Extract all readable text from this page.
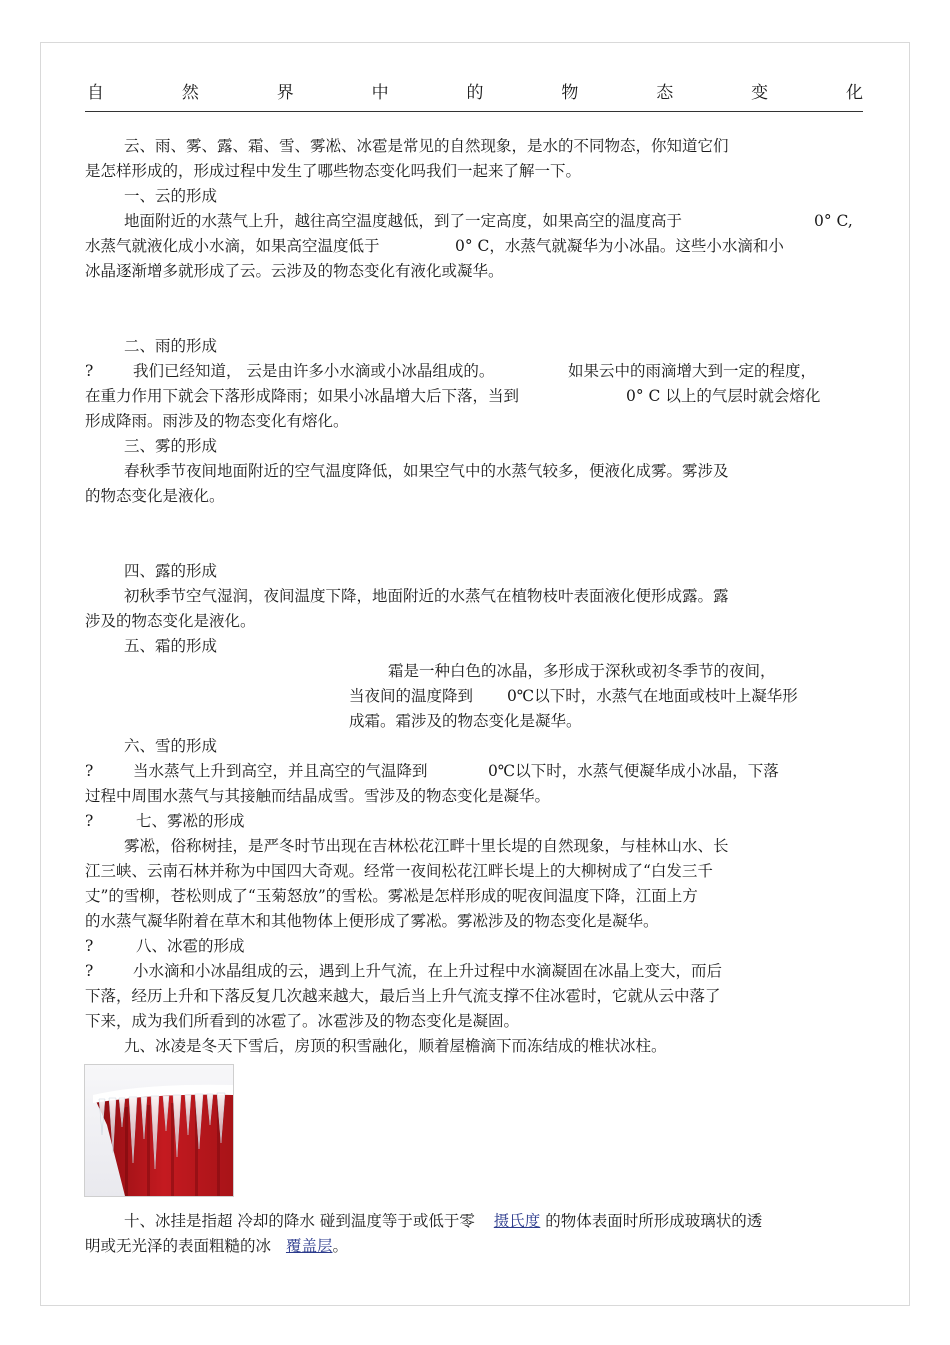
自	然	界	中	的	物	态	变	化
云、雨、雾、露、霜、雪、雾凇、冰雹是常见的自然现象，是水的不同物态，你知道它们
是怎样形成的，形成过程中发生了哪些物态变化吗我们一起来了解一下。
一、云的形成
地面附近的水蒸气上升，越往高空温度越低，到了一定高度，如果高空的温度高于	0° C,
水蒸气就液化成小水滴，如果高空温度低于	0° C，水蒸气就凝华为小冰晶。这些小水滴和小
冰晶逐渐增多就形成了云。云涉及的物态变化有液化或凝华。
二、雨的形成
?	我们已经知道， 云是由许多小水滴或小冰晶组成的。	如果云中的雨滴增大到一定的程度，
在重力作用下就会下落形成降雨；如果小冰晶增大后下落，当到	0° C 以上的气层时就会熔化
形成降雨。雨涉及的物态变化有熔化。
三、雾的形成
春秋季节夜间地面附近的空气温度降低，如果空气中的水蒸气较多，便液化成雾。雾涉及
的物态变化是液化。
四、露的形成
初秋季节空气湿润，夜间温度下降，地面附近的水蒸气在植物枝叶表面液化便形成露。露
涉及的物态变化是液化。
五、霜的形成
霜是一种白色的冰晶，多形成于深秋或初冬季节的夜间，
当夜间的温度降到 0℃以下时，水蒸气在地面或枝叶上凝华形
成霜。霜涉及的物态变化是凝华。
六、雪的形成
?	当水蒸气上升到高空，并且高空的气温降到	0℃以下时，水蒸气便凝华成小冰晶，下落
过程中周围水蒸气与其接触而结晶成雪。雪涉及的物态变化是凝华。
?	七、雾凇的形成
雾凇，俗称树挂，是严冬时节出现在吉林松花江畔十里长堤的自然现象，与桂林山水、长
江三峡、云南石林并称为中国四大奇观。经常一夜间松花江畔长堤上的大柳树成了“白发三千
丈”的雪柳，苍松则成了“玉菊怒放”的雪松。雾凇是怎样形成的呢夜间温度下降，江面上方
的水蒸气凝华附着在草木和其他物体上便形成了雾凇。雾凇涉及的物态变化是凝华。
?	八、冰雹的形成
?	小水滴和小冰晶组成的云，遇到上升气流，在上升过程中水滴凝固在冰晶上变大，而后
下落，经历上升和下落反复几次越来越大，最后当上升气流支撑不住冰雹时，它就从云中落了
下来，成为我们所看到的冰雹了。冰雹涉及的物态变化是凝固。
九、冰凌是冬天下雪后，房顶的积雪融化，顺着屋檐滴下而冻结成的椎状冰柱。
十、冰挂是指超 冷却的降水 碰到温度等于或低于零 摄氏度 的物体表面时所形成玻璃状的透
明或无光泽的表面粗糙的冰 覆盖层。
